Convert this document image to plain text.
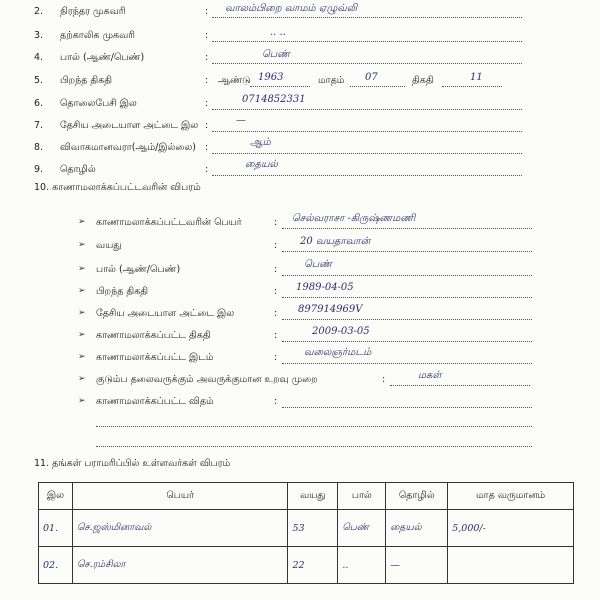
2. நிரந்தர முகவரி	: வாலம்பிறை வாமம் ஏழுவ்லி
3. தற்காலிக முகவரி	:	.. ..
4. பால் (ஆண்/பெண்)	:	பெண்
5. பிறந்த திகதி	: ஆண்டு 1963	மாதம் 07	திகதி	11
6. தொலைபேசி இல	:	0714852331
7. தேசிய அடையாள அட்டை இல :	—
8. விவாகமானவரா(ஆம்/இல்லை) :	ஆம்
9. தொழில்	:	தையல்
10. காணாமலாக்கப்பட்டவரின் விபரம்
➢ காணாமலாக்கப்பட்டவரின் பெயர்	: செல்வராசா -கிருஷ்ணமணி
➢ வயது	: 20 வயதாவான்
➢ பால் (ஆண்/பெண்)	:	பெண்
➢ பிறந்த திகதி	: 1989-04-05
➢ தேசிய அடையாள அட்டை இல	: 897914969V
➢ காணாமலாக்கப்பட்ட திகதி	:	2009-03-05
➢ காணாமலாக்கப்பட்ட இடம்	:	வலைஞர்மடம்
➢ குடும்ப தலைவருக்கும் அவருக்குமான உறவு முறை	:	மகள்
➢ காணாமலாக்கப்பட்ட விதம்	:
11. தங்கள் பராமரிப்பில் உள்ளவர்கள் விபரம்
இல	பெயர்	வயது	பால்	தொழில்	மாத வருமானம்
01.	செ.ஜஸ்மினாவல்	53	பெண்	தையல்	5,000/-
02.	செ.ரம்சிலா	22	..	—	
